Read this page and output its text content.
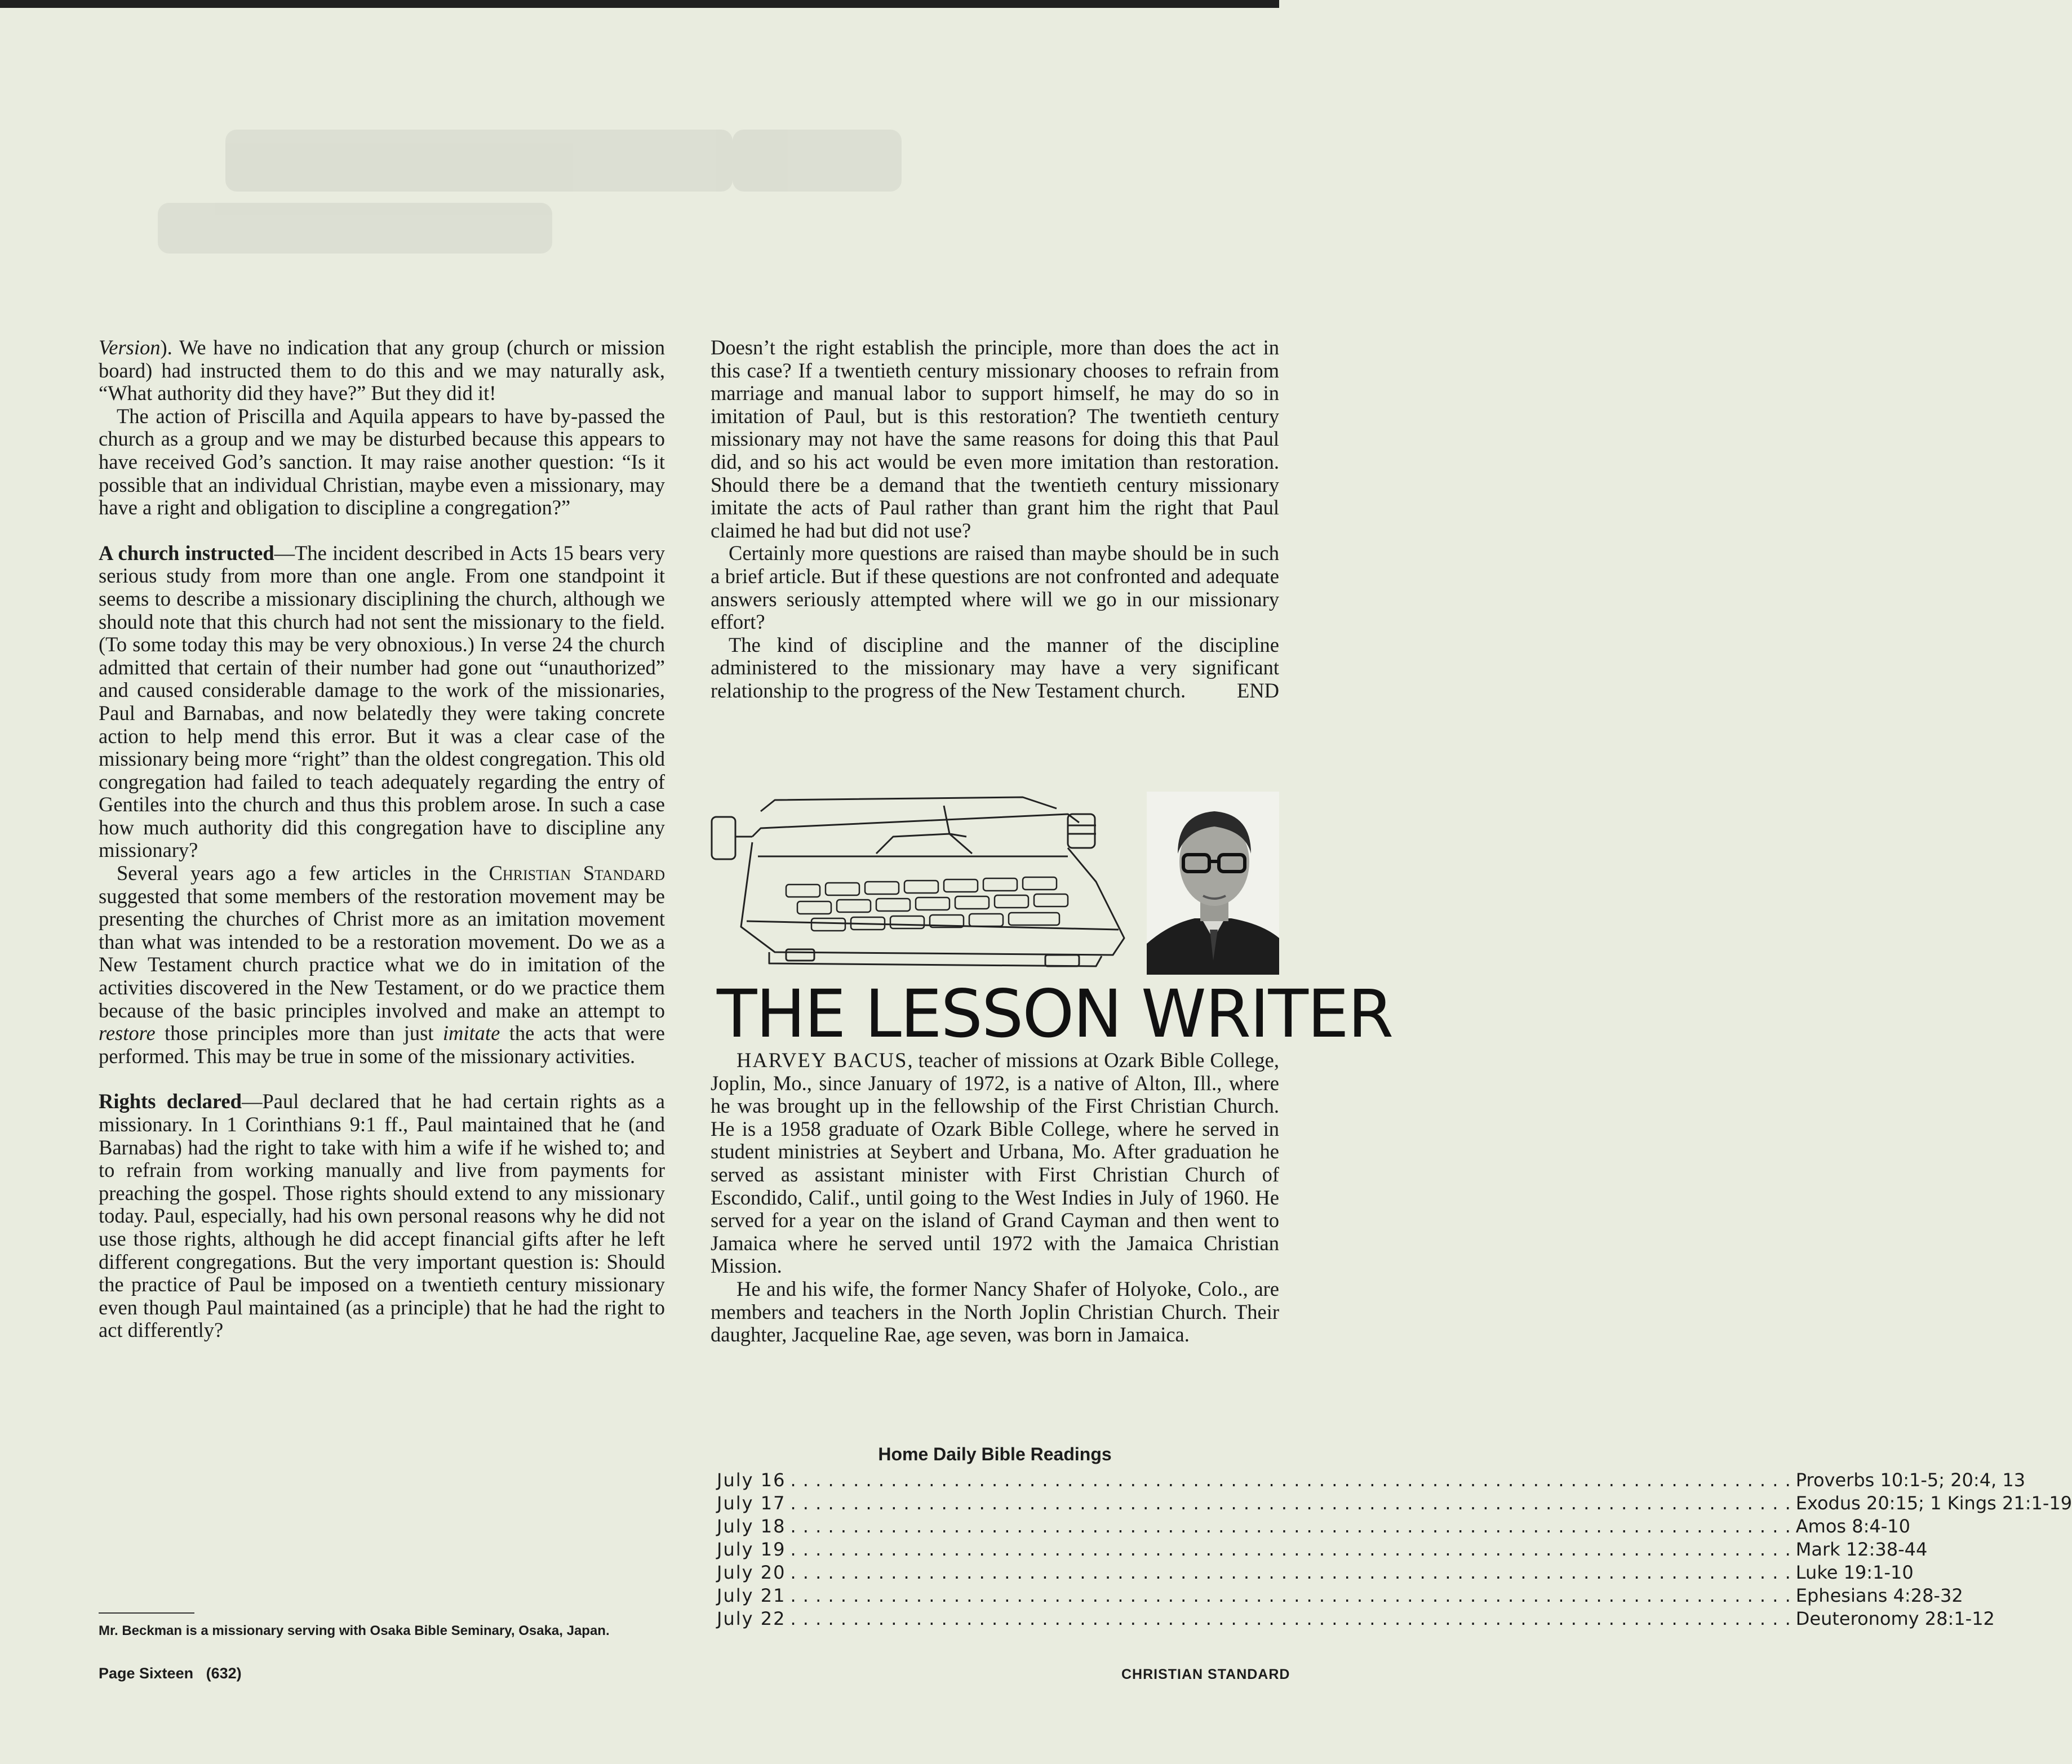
Version). We have no indication that any group (church or mission board) had instructed them to do this and we may naturally ask, “What authority did they have?” But they did it!

The action of Priscilla and Aquila appears to have by-passed the church as a group and we may be disturbed because this appears to have received God’s sanction. It may raise another question: “Is it possible that an individual Christian, maybe even a missionary, may have a right and obligation to discipline a congregation?”

A church instructed—The incident described in Acts 15 bears very serious study from more than one angle. From one standpoint it seems to describe a missionary disciplining the church, although we should note that this church had not sent the missionary to the field. (To some today this may be very obnoxious.) In verse 24 the church admitted that certain of their number had gone out “unauthorized” and caused considerable damage to the work of the missionaries, Paul and Barnabas, and now belatedly they were taking concrete action to help mend this error. But it was a clear case of the missionary being more “right” than the oldest congregation. This old congregation had failed to teach adequately regarding the entry of Gentiles into the church and thus this problem arose. In such a case how much authority did this congregation have to discipline any missionary?

Several years ago a few articles in the Christian Standard suggested that some members of the restoration movement may be presenting the churches of Christ more as an imitation movement than what was intended to be a restoration movement. Do we as a New Testament church practice what we do in imitation of the activities discovered in the New Testament, or do we practice them because of the basic principles involved and make an attempt to restore those principles more than just imitate the acts that were performed. This may be true in some of the missionary activities.

Rights declared—Paul declared that he had certain rights as a missionary. In 1 Corinthians 9:1 ff., Paul maintained that he (and Barnabas) had the right to take with him a wife if he wished to; and to refrain from working manually and live from payments for preaching the gospel. Those rights should extend to any missionary today. Paul, especially, had his own personal reasons why he did not use those rights, although he did accept financial gifts after he left different congregations. But the very important question is: Should the practice of Paul be imposed on a twentieth century missionary even though Paul maintained (as a principle) that he had the right to act differently?

Mr. Beckman is a missionary serving with Osaka Bible Seminary, Osaka, Japan.

Doesn’t the right establish the principle, more than does the act in this case? If a twentieth century missionary chooses to refrain from marriage and manual labor to support himself, he may do so in imitation of Paul, but is this restoration? The twentieth century missionary may not have the same reasons for doing this that Paul did, and so his act would be even more imitation than restoration. Should there be a demand that the twentieth century missionary imitate the acts of Paul rather than grant him the right that Paul claimed he had but did not use?

Certainly more questions are raised than maybe should be in such a brief article. But if these questions are not confronted and adequate answers seriously attempted where will we go in our missionary effort?

The kind of discipline and the manner of the discipline administered to the missionary may have a very significant relationship to the progress of the New Testament church.	END

THE LESSON WRITER

HARVEY BACUS, teacher of missions at Ozark Bible College, Joplin, Mo., since January of 1972, is a native of Alton, Ill., where he was brought up in the fellowship of the First Christian Church. He is a 1958 graduate of Ozark Bible College, where he served in student ministries at Seybert and Urbana, Mo. After graduation he served as assistant minister with First Christian Church of Escondido, Calif., until going to the West Indies in July of 1960. He served for a year on the island of Grand Cayman and then went to Jamaica where he served until 1972 with the Jamaica Christian Mission.

He and his wife, the former Nancy Shafer of Holyoke, Colo., are members and teachers in the North Joplin Christian Church. Their daughter, Jacqueline Rae, age seven, was born in Jamaica.

Home Daily Bible Readings
July 16 . . .	Proverbs 10:1-5; 20:4, 13
July 17 . . .	Exodus 20:15; 1 Kings 21:1-19
July 18 . . .	Amos 8:4-10
July 19 . . .	Mark 12:38-44
July 20 . . .	Luke 19:1-10
July 21 . . .	Ephesians 4:28-32
July 22 . . .	Deuteronomy 28:1-12
Page Sixteen   (632)	CHRISTIAN STANDARD
